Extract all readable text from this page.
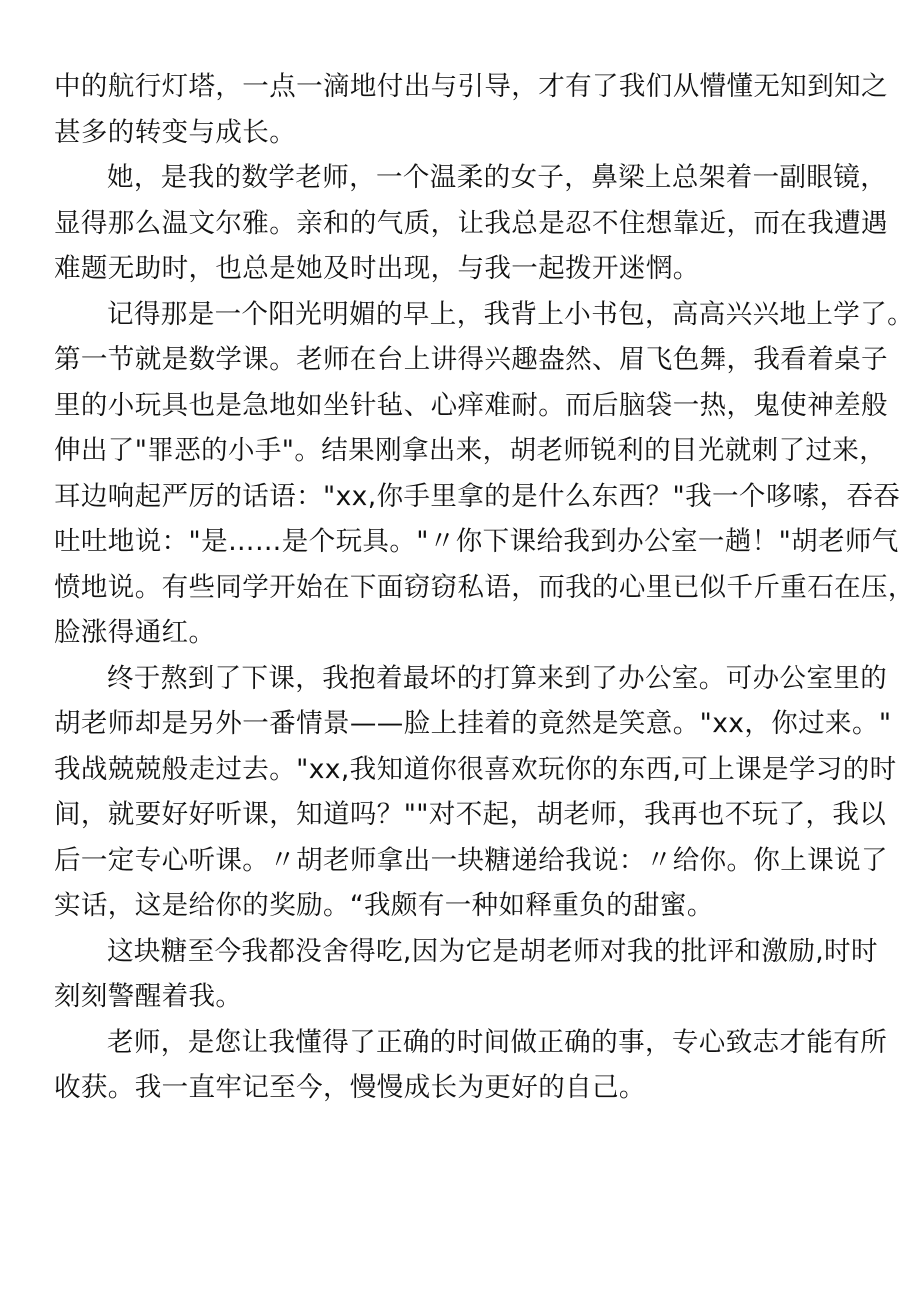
中的航行灯塔，一点一滴地付出与引导，才有了我们从懵懂无知到知之
甚多的转变与成长。

她，是我的数学老师，一个温柔的女子，鼻梁上总架着一副眼镜，
显得那么温文尔雅。亲和的气质，让我总是忍不住想靠近，而在我遭遇
难题无助时，也总是她及时出现，与我一起拨开迷惘。

记得那是一个阳光明媚的早上，我背上小书包，高高兴兴地上学了。
第一节就是数学课。老师在台上讲得兴趣盎然、眉飞色舞，我看着桌子
里的小玩具也是急地如坐针毡、心痒难耐。而后脑袋一热，鬼使神差般
伸出了"罪恶的小手"。结果刚拿出来，胡老师锐利的目光就刺了过来，
耳边响起严厉的话语："xx,你手里拿的是什么东西？"我一个哆嗦，吞吞
吐吐地说："是……是个玩具。"〃你下课给我到办公室一趟！"胡老师气
愤地说。有些同学开始在下面窃窃私语，而我的心里已似千斤重石在压，
脸涨得通红。

终于熬到了下课，我抱着最坏的打算来到了办公室。可办公室里的
胡老师却是另外一番情景——脸上挂着的竟然是笑意。"xx，你过来。"
我战兢兢般走过去。"xx,我知道你很喜欢玩你的东西,可上课是学习的时
间，就要好好听课，知道吗？""对不起，胡老师，我再也不玩了，我以
后一定专心听课。〃胡老师拿出一块糖递给我说：〃给你。你上课说了
实话，这是给你的奖励。“我颇有一种如释重负的甜蜜。

这块糖至今我都没舍得吃,因为它是胡老师对我的批评和激励,时时
刻刻警醒着我。

老师，是您让我懂得了正确的时间做正确的事，专心致志才能有所
收获。我一直牢记至今，慢慢成长为更好的自己。
